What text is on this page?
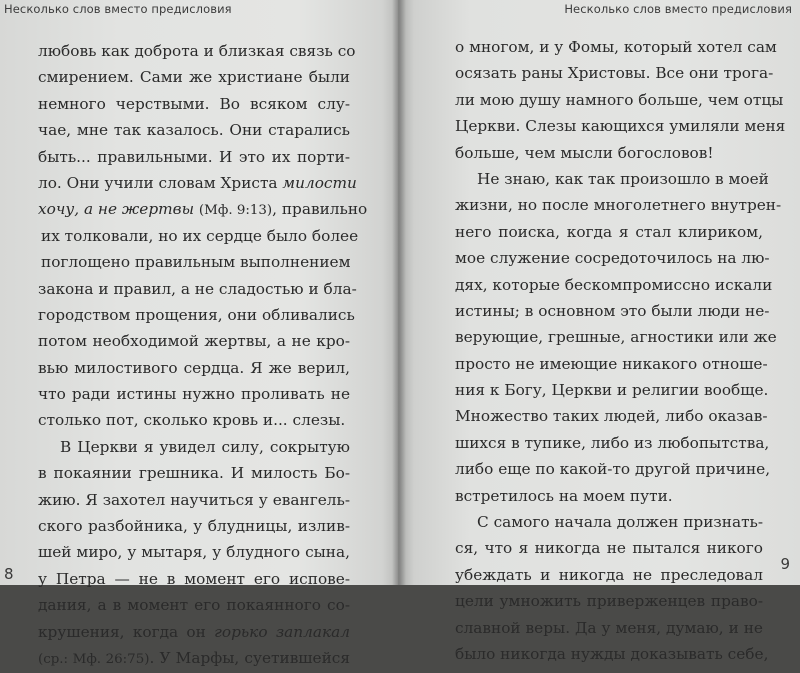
Несколько слов вместо предисловия
любовь как доброта и близкая связь со
смирением. Сами же христиане были
немного черствыми. Во всяком слу-
чае, мне так казалось. Они старались
быть... правильными. И это их порти-
ло. Они учили словам Христа милости
хочу, а не жертвы (Мф. 9:13), правильно
их толковали, но их сердце было более
поглощено правильным выполнением
закона и правил, а не сладостью и бла-
городством прощения, они обливались
потом необходимой жертвы, а не кро-
вью милостивого сердца. Я же верил,
что ради истины нужно проливать не
столько пот, сколько кровь и... слезы.
В Церкви я увидел силу, сокрытую
в покаянии грешника. И милость Бо-
жию. Я захотел научиться у евангель-
ского разбойника, у блудницы, излив-
шей миро, у мытаря, у блудного сына,
у Петра — не в момент его испове-
дания, а в момент его покаянного со-
крушения, когда он горько заплакал
(ср.: Мф. 26:75). У Марфы, суетившейся
8
Несколько слов вместо предисловия
о многом, и у Фомы, который хотел сам
осязать раны Христовы. Все они трога-
ли мою душу намного больше, чем отцы
Церкви. Слезы кающихся умиляли меня
больше, чем мысли богословов!
Не знаю, как так произошло в моей
жизни, но после многолетнего внутрен-
него поиска, когда я стал клириком,
мое служение сосредоточилось на лю-
дях, которые бескомпромиссно искали
истины; в основном это были люди не-
верующие, грешные, агностики или же
просто не имеющие никакого отноше-
ния к Богу, Церкви и религии вообще.
Множество таких людей, либо оказав-
шихся в тупике, либо из любопытства,
либо еще по какой-то другой причине,
встретилось на моем пути.
С самого начала должен признать-
ся, что я никогда не пытался никого
убеждать и никогда не преследовал
цели умножить приверженцев право-
славной веры. Да у меня, думаю, и не
было никогда нужды доказывать себе,
9
